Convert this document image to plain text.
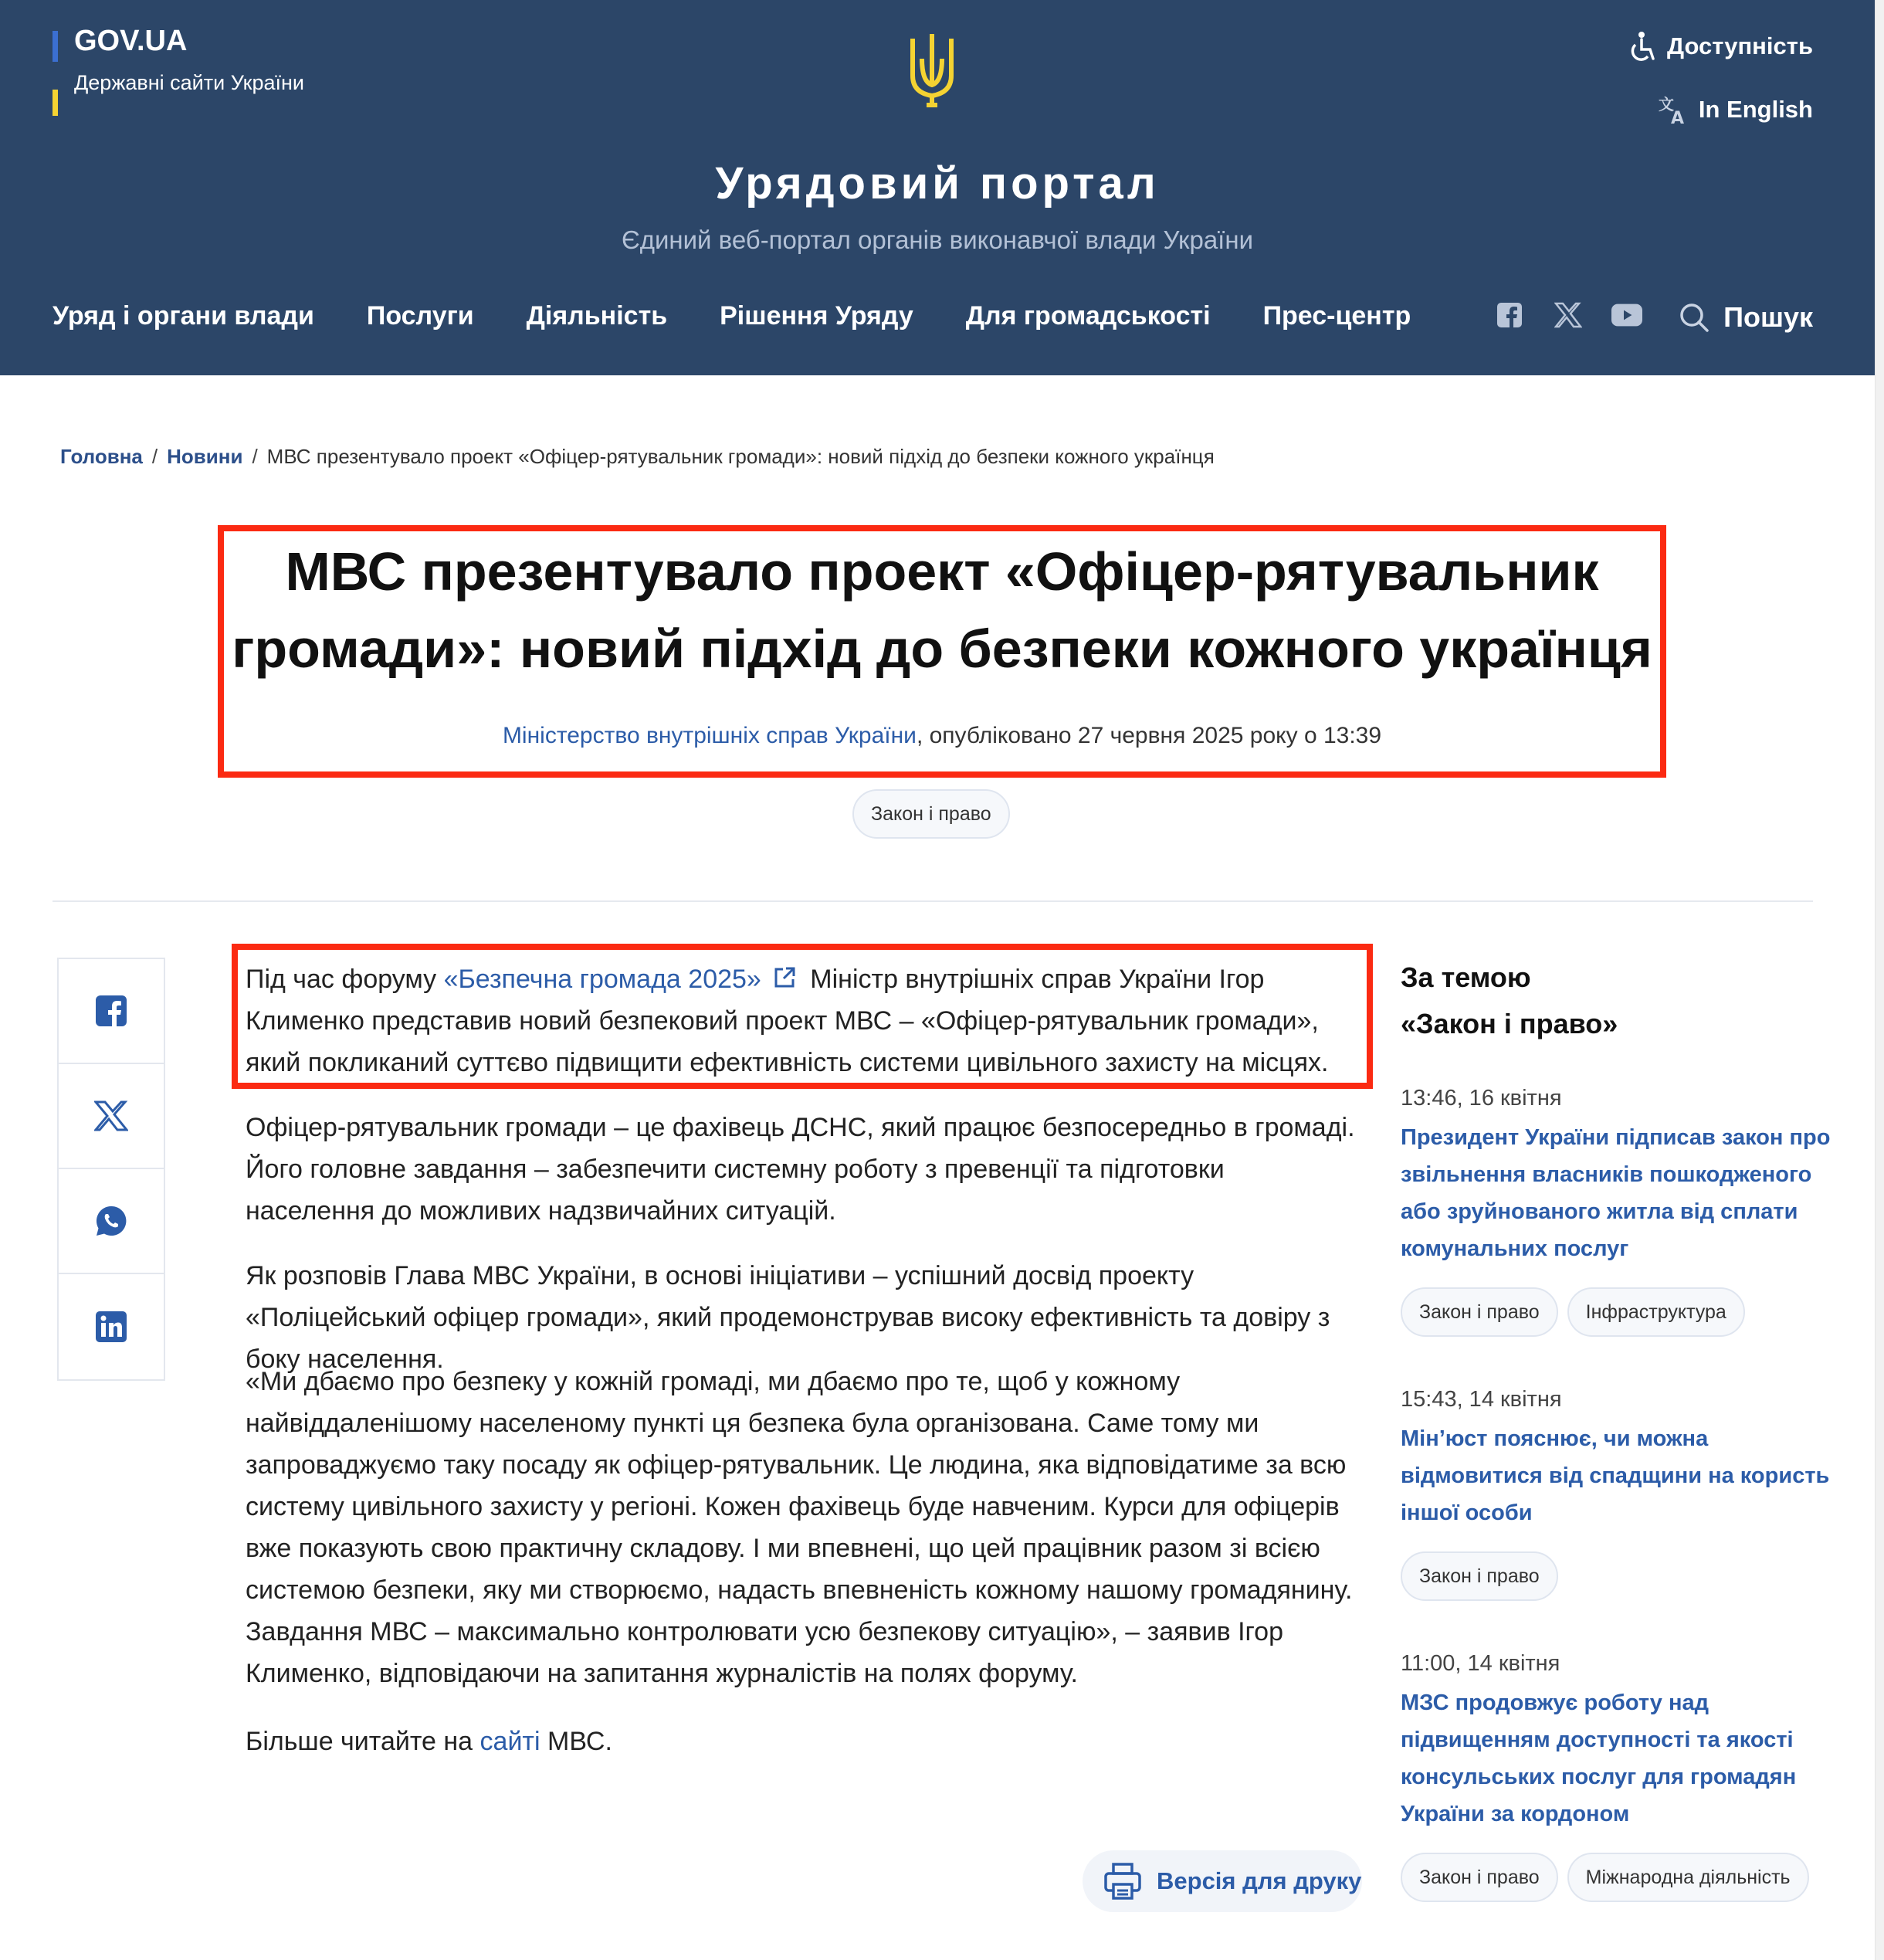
GOV.UA
Державні сайти України
Доступність
文
A In English
Урядовий портал
Єдиний веб-портал органів виконавчої влади України
Уряд і органи влади Послуги Діяльність Рішення Уряду Для громадськості Прес-центр	Пошук
Головна / Новини / МВС презентувало проект «Офіцер-рятувальник громади»: новий підхід до безпеки кожного українця
МВС презентувало проект «Офіцер-рятувальник громади»: новий підхід до безпеки кожного українця
Міністерство внутрішніх справ України, опубліковано 27 червня 2025 року о 13:39
Закон і право

Під час форуму «Безпечна громада 2025» Міністр внутрішніх справ України Ігор Клименко представив новий безпековий проект МВС – «Офіцер-рятувальник громади», який покликаний суттєво підвищити ефективність системи цивільного захисту на місцях.

Офіцер-рятувальник громади – це фахівець ДСНС, який працює безпосередньо в громаді. Його головне завдання – забезпечити системну роботу з превенції та підготовки населення до можливих надзвичайних ситуацій.

Як розповів Глава МВС України, в основі ініціативи – успішний досвід проекту «Поліцейський офіцер громади», який продемонстрував високу ефективність та довіру з боку населення.

«Ми дбаємо про безпеку у кожній громаді, ми дбаємо про те, щоб у кожному найвіддаленішому населеному пункті ця безпека була організована. Саме тому ми запроваджуємо таку посаду як офіцер-рятувальник. Це людина, яка відповідатиме за всю систему цивільного захисту у регіоні. Кожен фахівець буде навченим. Курси для офіцерів вже показують свою практичну складову. І ми впевнені, що цей працівник разом зі всією системою безпеки, яку ми створюємо, надасть впевненість кожному нашому громадянину. Завдання МВС – максимально контролювати усю безпекову ситуацію», – заявив Ігор Клименко, відповідаючи на запитання журналістів на полях форуму.

Більше читайте на сайті МВС.

Версія для друку
За темою
«Закон і право»
13:46, 16 квітня
Президент України підписав закон про звільнення власників пошкодженого або зруйнованого житла від сплати комунальних послуг
Закон і право	Інфраструктура
15:43, 14 квітня
Мін’юст пояснює, чи можна відмовитися від спадщини на користь іншої особи
Закон і право
11:00, 14 квітня
МЗС продовжує роботу над підвищенням доступності та якості консульських послуг для громадян України за кордоном
Закон і право	Міжнародна діяльність
